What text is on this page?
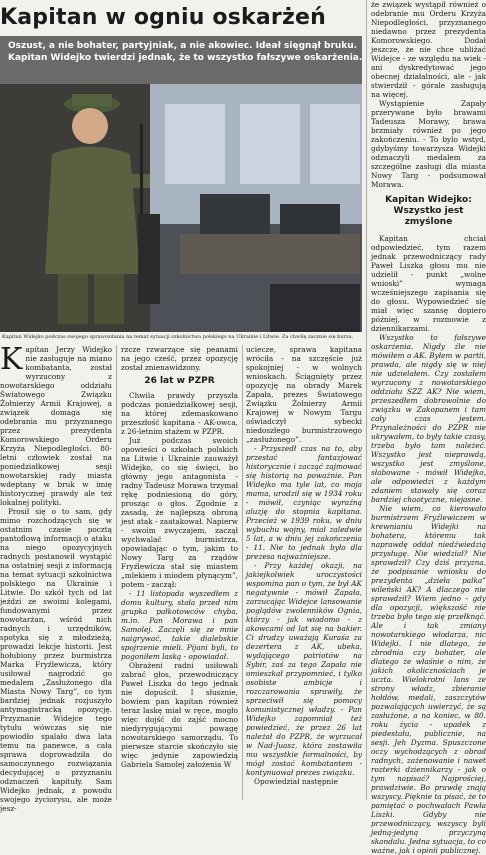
Kapitan w ogniu oskarżeń
Oszust, a nie bohater, partyjniak, a nie akowiec. Ideał sięgnął bruku.
Kapitan Widejko twierdzi jednak, że to wszystko fałszywe oskarżenia.
Kapitan Widejko podczas swojego sprawozdania na temat sytuacji szkolnictwa polskiego na Ukrainie i Litwie. Za chwilę zacznie się burza.
K apitan Jerzy Widejko nie zasługuje na miano kombatanta, został wyrzucony z nowotarskiego oddziału Światowego Związku Żołnierzy Armii Krajowej, a związek domaga się odebrania mu przyznanego przez prezydenta Komorowskiego Orderu Krzyża Niepodległości. 80-letni człowiek został na poniedziałkowej sesji nowotarskiej rady miasta wdeptany w bruk w imię historycznej prawdy ale też lokalnej polityki.

Prosił się o to sam, gdy mimo rozchodzących się w ostatnim czasie pocztą pantoflową informacji o ataku na niego opozycyjnych radnych postanowił wystąpić na ostatniej sesji z informacją na temat sytuacji szkolnictwa polskiego na Ukrainie i Litwie. Do szkół tych od lat jeździ ze swoimi kolegami, fundowanymi przez nowotarżan, wśród nich radnych i urzędników, spotyka się z młodzieżą, prowadzi lekcje historii. Jest hołubiony przez burmistrza Marka Fryźlewicza, który usiłował nagrodzić go medalem „Zasłużonego dla Miasta Nowy Targ”, co tym bardziej jednak rozjuszyło antymagistracką opozycję. Przyznanie Widejce tego tytułu wówczas się nie powiodło spalało dwa lata temu na panewce, a cała sprawa doprowadziła do samoczynnego rozwiązania decydującej o przyznaniu odznaczeń kapituły. Sam Widejko jednak, z powodu swojego życiorysu, ale może jesz-

rzcze rzwarzące się peanami na jego cześć, przez opozycję został znienawidzony.

26 lat w PZPR

Chwila prawdy przyszła podczas poniedziałkowej sesji, na której zdemaskowano przeszłość kapitana - AK-owca, z 26-letnim stażem w PZPR.

Już podczas swoich opowieści o szkołach polskich na Litwie i Ukrainie zauważył Widejko, co się święci, bo główny jego antagonista - radny Tadeusz Morawa trzymał rękę podniesioną do góry, prosząc o głos. Zgodnie z zasadą, że najlepszą obroną jest atak - zaatakował. Napierw - swoim zwyczajem, zaczął wychwalać burmistrza, opowiadając o tym, jakim to Nowy Targ za rządów Fryźlewicza stał się miastem „mlekiem i miodem płynącym”, potem - zaczął:

- 11 listopada wyszedłem z domu kultury, stała przed nim grupka pałkotowców chyba, m.in. Pan Morawa i pan Samolej. Zaczęli się ze mnie naigrywać, takie dialebskie spojrzenie mieli. Pijani byli, to pogoniłem laską - opowiadał.

Obrażeni radni usiłowali zabrać głos, przewodniczący Paweł Liszka do tego jednak nie dopuścił. I słusznie, bowiem pan kapitan również teraz laskę miał w ręce, mogło więc dojść do zajść mocno niedyrygującymi powagę nowotarskiego samorządu. To pierwsze starcie skończyło się więc jedynie zapowiedzią Gabriela Samolej założenia W

uciecze, sprawa kapitana wróciła - na szczęście już spokojniej - w wolnych wnioskach. Ściągnięty przez opozycję na obrady Marek Zapała, prezes Światowego Związku Żołnierzy Armii Krajowej w Nowym Targu oświadczył sybecki niedoszłego burmistrzowego „zasłużonego”.

- Przyszedł czas na to, aby przestać fantazjować historycznie i zacząć zajmować się historią na poważnie. Pan Widejko ma tyle lat, co moja mama, urodził się w 1934 roku - mówił, czyniąc wyraźną aluzję do stopnia kapitana. Przecież w 1939 roku, w dniu wybuchu wojny, miał zaledwie 5 lat, a w dniu jej zakończenia - 11. Nie to jednak było dla prezesa najważniejsze.

- Przy każdej okazji, na jakiejkolwiek uroczystości wspomina pan o tym, że był AK negatywnie - mówił Zapała, zarzucając Widejce lansowanie poglądów zwolenników Ognia, którzy - jak wiadomo - z akowcami od lat się na bakier. Ci drudzy uważają Kuraśa za dezertera z AK, ubeka, wydającego patriotów na Sybir, zaś za tego Zapała nie omieszkał przypomnieć, i tylko osobiste ambicje i rozczarowania sprawiły, że sprzeciwił się pomocy komunistycznej władzy. - Pan Widejko zapomniał też powiedzieć, że przez 26 lat należał do PZPR, że wyrzucał w Nad-Juasz, która zostawiła mu wszystkie formalności, by mógł zostać kombatantem - kontynuował prezes związku.

Opowiedział następnie

że związek wystąpił również o odebranie mu Orderu Krzyża Niepodległości, przyznanego niedawno przez prezydenta Komorowskiego. Dodał jeszcze, że nie chce ubliżać Widejce - ze względu na wiek - ani dyskredytować jego obecnej działalności, ale - jak stwierdził - górale zasługują na więcej.

Wystąpienie Zapały przerywane było brawami Tadeusza Morawy, brawa brzmiały również po jego zakończeniu. - To bylo wstyd, gdybyśmy towarzysza Widejki odznaczyli medalem za szczególne zasługi dla miasta Nowy Targ - podsumował Morawa.

Kapitan Widejko:
Wszystko jest zmyślone

Kapitan chciał odpowiedzieć, tym razem jednak przewodniczący rady Paweł Liszka głosu mu nie udzielił - punkt „wolne wnioski” wymaga wcześniejszego zapisania się do głosu. Wypowiedzieć się miał więc szansę dopiero później, w rozmowie z dziennikarzami.

Wszystko to fałszywe oskarżenia. Nigdy źle nie mówiłem o AK. Byłem w partii, prawda, ale nigdy się w niej nie udzielałem. Czy zostałem wyrzucony z nowotarskiego oddziału SZZ AK? Nie wiem, przeszedłem dobrowolnie do związku w Zakopanem i tam cały czas jestem. Przynależności do PZPR nie ukrywałem, to były takie czasy, trzeba było tam należeć. Wszystko jest nieprawdą, wszystko jest zmyślone, słabowane - mówił Widejko, ale odpowiedzi z każdym zdaniem stawały się coraz bardziej chaotyczne, niejasne.

Nie wiem, co kierowało burmistrzem Fryźlewiczem w krewnianiu Widejki na bohatera, któremu tak naprawdę oddał niedźwiedzią przysługę. Nie wiedział? Nie sprawdził? Czy dziś przyzna, że podpisanie wniosku do prezydenta „dzieła palka” wileński AK? A dlaczego nie sprawdził? Wiem jedno - gdy dla opozycji, większość nie trzeba było tego się przełknąć. Ale i tak zmiany nowotarskiego włodarza, nic Widejki. I nie dlatego, że zbrodnia czy bohater, ale dlatego że właśnie o nim, że jakich okolicznościach je uczta. Wielokrotni lans ze strony władz, zbieranie hołdów, medali, zaszczytów pozwalających uwierzyć, że są zasłużone, a na koniec, w 80. roku życia - upadek z piedestału, publicznie, na sesji. Jeh Dyzma. Spuszczone oczy wychodzących z obrad radnych, zażenowanie i nawet rozterki dziennikarzy - jak o tym napisać? Najprościej, prawdziwie. Bo prawdę znają wszyscy. Pięknie ta pisać, że to pamiętać o pochwałach Pawła Liszki. Gdyby nie przewodniczący, wszyscy byli jedną-jedyną przyczyną skandalu. Jedna sytuacja, to co ważne, jak i opinii publicznej.
